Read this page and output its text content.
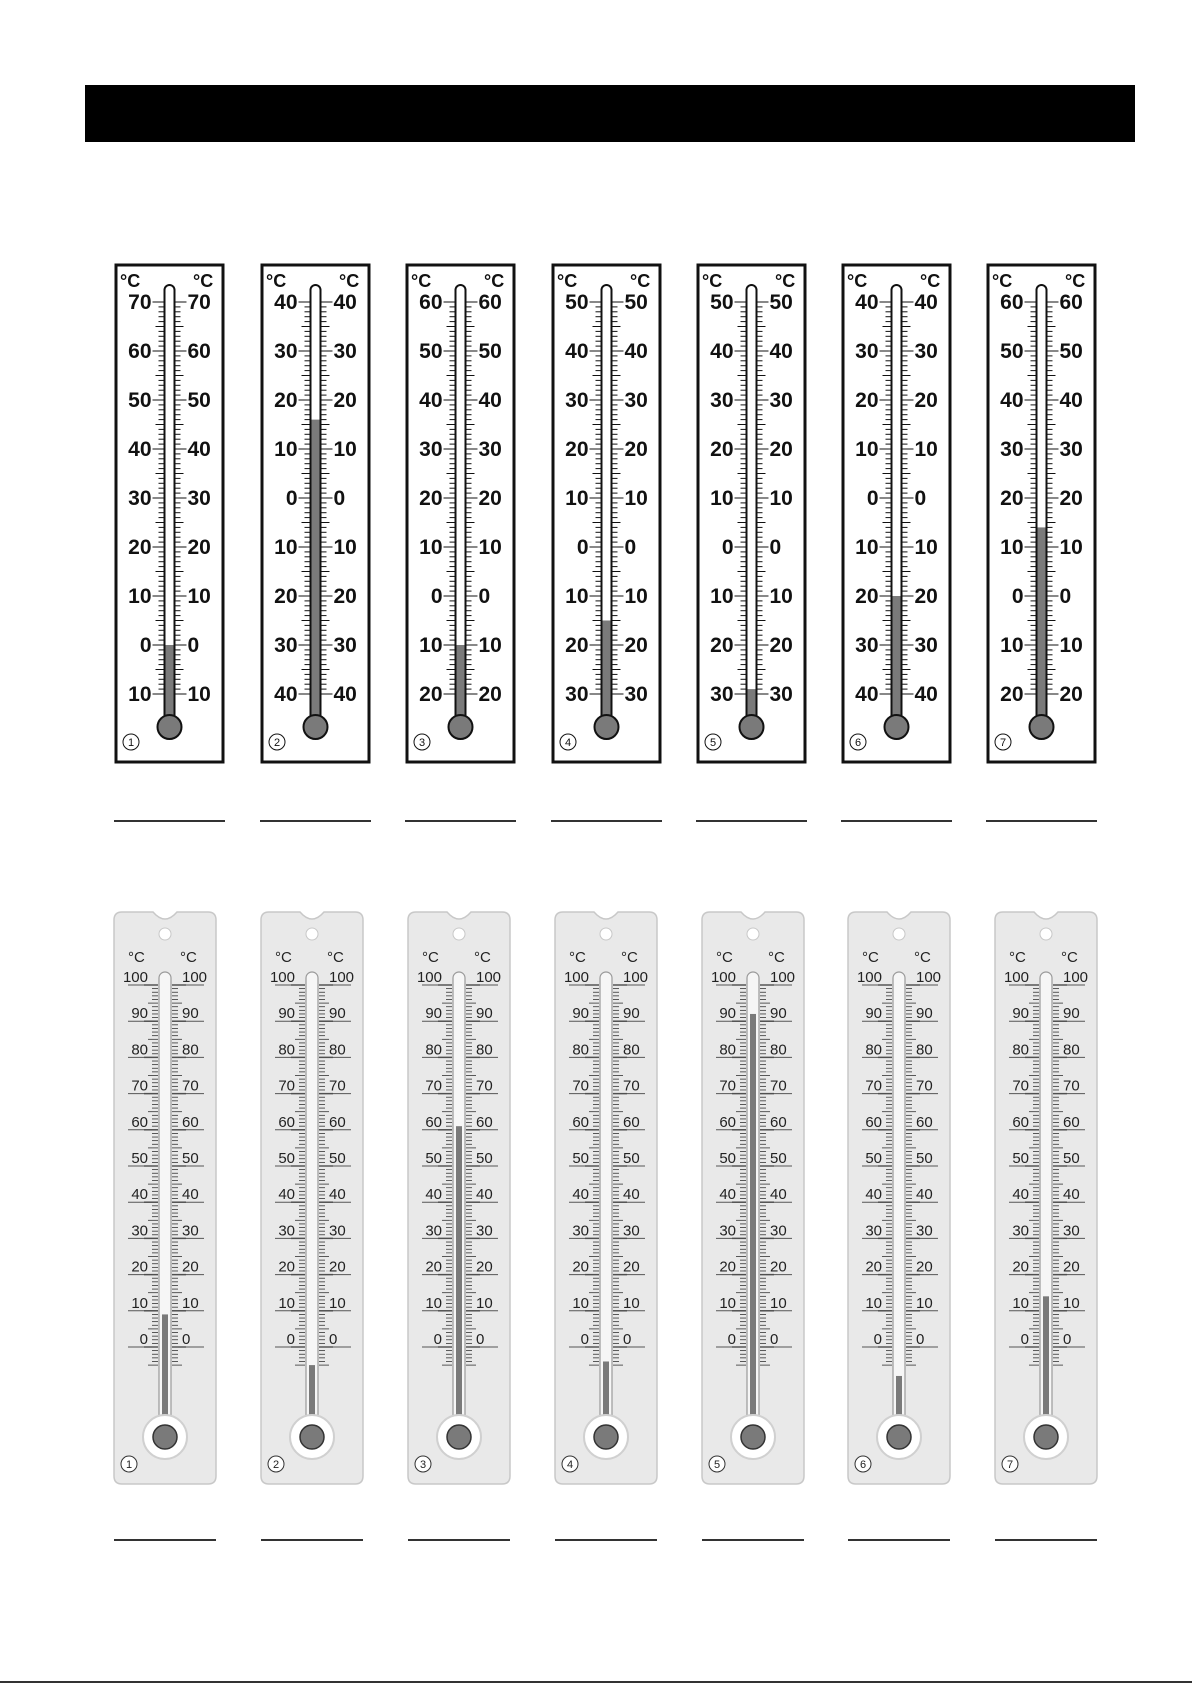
°C	°C
70 70
60 60
50 50
40 40
30 30
20 20
10 10
0 0
10 10
1
°C	°C
40 40
30 30
20 20
10 10
0 0
10 10
20 20
30 30
40 40
2
°C	°C
60 60
50 50
40 40
30 30
20 20
10 10
0 0
10 10
20 20
3
°C	°C
50 50
40 40
30 30
20 20
10 10
0 0
10 10
20 20
30 30
4
°C	°C
50 50
40 40
30 30
20 20
10 10
0 0
10 10
20 20
30 30
5
°C	°C
40 40
30 30
20 20
10 10
0 0
10 10
20 20
30 30
40 40
6
°C	°C
60 60
50 50
40 40
30 30
20 20
10 10
0 0
10 10
20 20
7
°C °C
100 100
90 90
80 80
70 70
60 60
50 50
40 40
30 30
20 20
10 10
0 0
1
°C °C
100 100
90 90
80 80
70 70
60 60
50 50
40 40
30 30
20 20
10 10
0 0
2
°C °C
100 100
90 90
80 80
70 70
60 60
50 50
40 40
30 30
20 20
10 10
0 0
3
°C °C
100 100
90 90
80 80
70 70
60 60
50 50
40 40
30 30
20 20
10 10
0 0
4
°C °C
100 100
90 90
80 80
70 70
60 60
50 50
40 40
30 30
20 20
10 10
0 0
5
°C °C
100 100
90 90
80 80
70 70
60 60
50 50
40 40
30 30
20 20
10 10
0 0
6
°C °C
100 100
90 90
80 80
70 70
60 60
50 50
40 40
30 30
20 20
10 10
0 0
7
